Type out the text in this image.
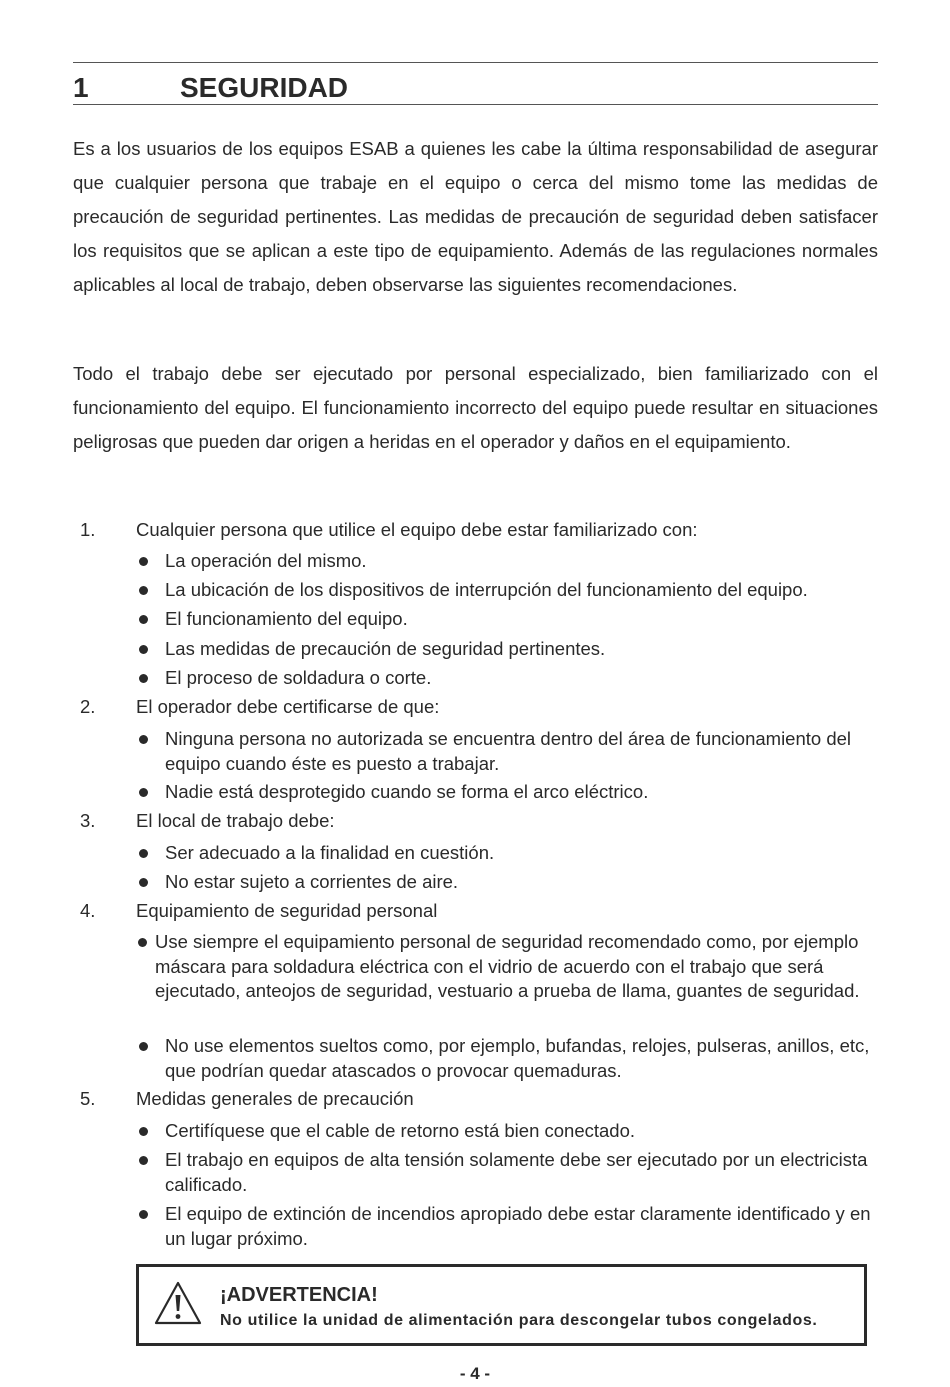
1	SEGURIDAD
Es a los usuarios de los equipos ESAB a quienes les cabe la última responsabilidad de asegurar que cualquier persona que trabaje en el equipo o cerca del mismo tome las medidas de precaución de seguridad pertinentes. Las medidas de precaución de seguridad deben satisfacer los requisitos que se aplican a este tipo de equipamiento. Además de las regulaciones normales aplicables al local de trabajo, deben observarse las siguientes recomendaciones.
Todo el trabajo debe ser ejecutado por personal especializado, bien familiarizado con el funcionamiento del equipo. El funcionamiento incorrecto del equipo puede resultar en situaciones peligrosas que pueden dar origen a heridas en el operador y daños en el equipamiento.
1. Cualquier persona que utilice el equipo debe estar familiarizado con:
La operación del mismo.
La ubicación de los dispositivos de interrupción del funcionamiento del equipo.
El funcionamiento del equipo.
Las medidas de precaución de seguridad pertinentes.
El proceso de soldadura o corte.
2. El operador debe certificarse de que:
Ninguna persona no autorizada se encuentra dentro del área de funcionamiento del equipo cuando éste es puesto a trabajar.
Nadie está desprotegido cuando se forma el arco eléctrico.
3. El local de trabajo debe:
Ser adecuado a la finalidad en cuestión.
No estar sujeto a corrientes de aire.
4. Equipamiento de seguridad personal
Use siempre el equipamiento personal de seguridad recomendado como, por ejemplo máscara para soldadura eléctrica con el vidrio de acuerdo con el trabajo que será ejecutado, anteojos de seguridad, vestuario a prueba de llama, guantes de seguridad.
No use elementos sueltos como, por ejemplo, bufandas, relojes, pulseras, anillos, etc, que podrían quedar atascados o provocar quemaduras.
5. Medidas generales de precaución
Certifíquese que el cable de retorno está bien conectado.
El trabajo en equipos de alta tensión solamente debe ser ejecutado por un electricista calificado.
El equipo de extinción de incendios apropiado debe estar claramente identificado y en un lugar próximo.
¡ADVERTENCIA!
No utilice la unidad de alimentación para descongelar tubos congelados.
- 4 -
